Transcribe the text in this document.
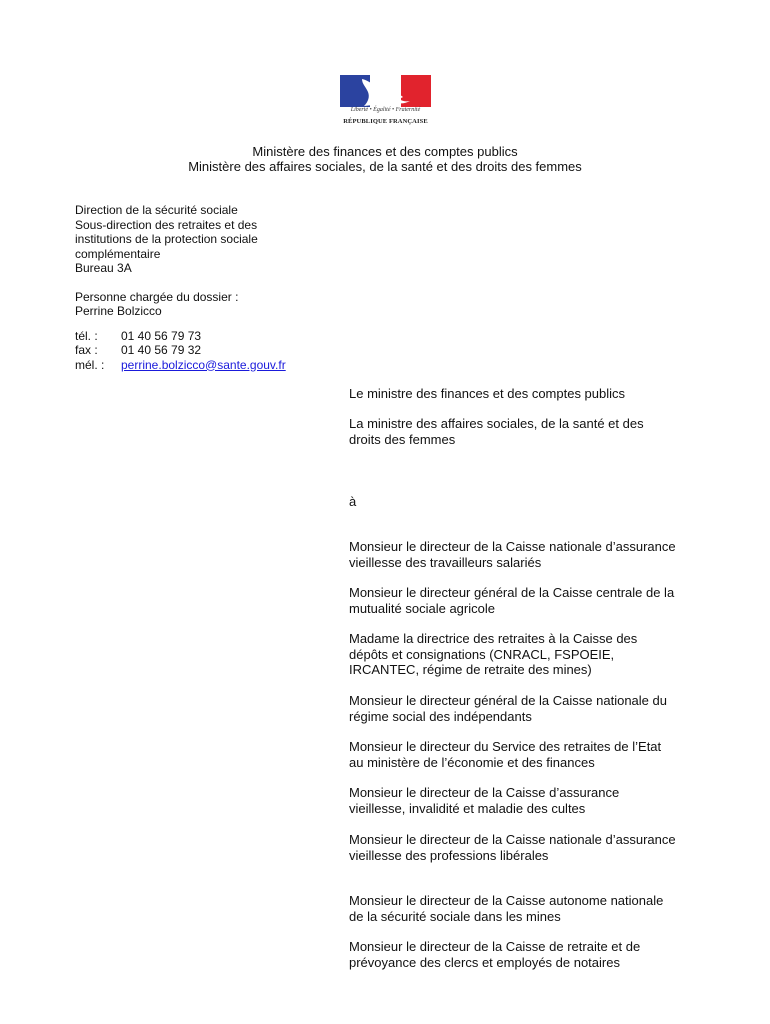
Liberté • Égalité • Fraternité
RÉPUBLIQUE FRANÇAISE
Ministère des finances et des comptes publics
Ministère des affaires sociales, de la santé et des droits des femmes
Direction de la sécurité sociale
Sous-direction des retraites et des
institutions de la protection sociale
complémentaire
Bureau 3A
Personne chargée du dossier :
Perrine Bolzicco
tél. : 01 40 56 79 73
fax : 01 40 56 79 32
mél. : perrine.bolzicco@sante.gouv.fr
Le ministre des finances et des comptes publics
La ministre des affaires sociales, de la santé et des
droits des femmes
à
Monsieur le directeur de la Caisse nationale d’assurance
vieillesse des travailleurs salariés
Monsieur le directeur général de la Caisse centrale de la
mutualité sociale agricole
Madame la directrice des retraites à la Caisse des
dépôts et consignations (CNRACL, FSPOEIE,
IRCANTEC, régime de retraite des mines)
Monsieur le directeur général de la Caisse nationale du
régime social des indépendants
Monsieur le directeur du Service des retraites de l’Etat
au ministère de l’économie et des finances
Monsieur le directeur de la Caisse d’assurance
vieillesse, invalidité et maladie des cultes
Monsieur le directeur de la Caisse nationale d’assurance
vieillesse des professions libérales
Monsieur le directeur de la Caisse autonome nationale
de la sécurité sociale dans les mines
Monsieur le directeur de la Caisse de retraite et de
prévoyance des clercs et employés de notaires
